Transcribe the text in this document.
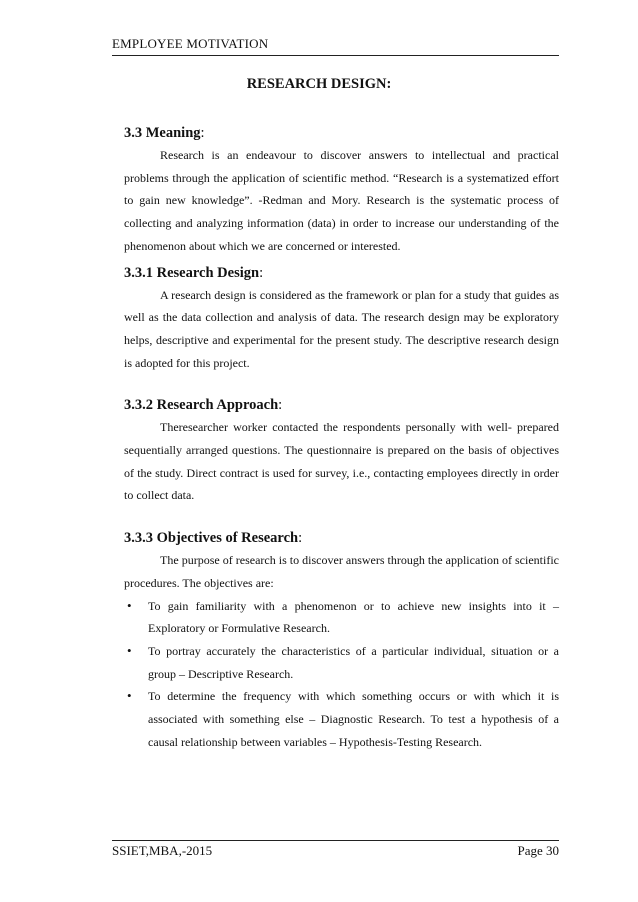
EMPLOYEE MOTIVATION
RESEARCH DESIGN:
3.3 Meaning:

Research is an endeavour to discover answers to intellectual and practical problems through the application of scientific method. “Research is a systematized effort to gain new knowledge”. -Redman and Mory. Research is the systematic process of collecting and analyzing information (data) in order to increase our understanding of the phenomenon about which we are concerned or interested.

3.3.1 Research Design:

A research design is considered as the framework or plan for a study that guides as well as the data collection and analysis of data. The research design may be exploratory helps, descriptive and experimental for the present study. The descriptive research design is adopted for this project.

3.3.2 Research Approach:

Theresearcher worker contacted the respondents personally with well- prepared sequentially arranged questions. The questionnaire is prepared on the basis of objectives of the study. Direct contract is used for survey, i.e., contacting employees directly in order to collect data.

3.3.3 Objectives of Research:

The purpose of research is to discover answers through the application of scientific procedures. The objectives are:

• To gain familiarity with a phenomenon or to achieve new insights into it – Exploratory or Formulative Research.
• To portray accurately the characteristics of a particular individual, situation or a group – Descriptive Research.
• To determine the frequency with which something occurs or with which it is associated with something else – Diagnostic Research. To test a hypothesis of a causal relationship between variables – Hypothesis-Testing Research.
SSIET,MBA,-2015	Page 30
